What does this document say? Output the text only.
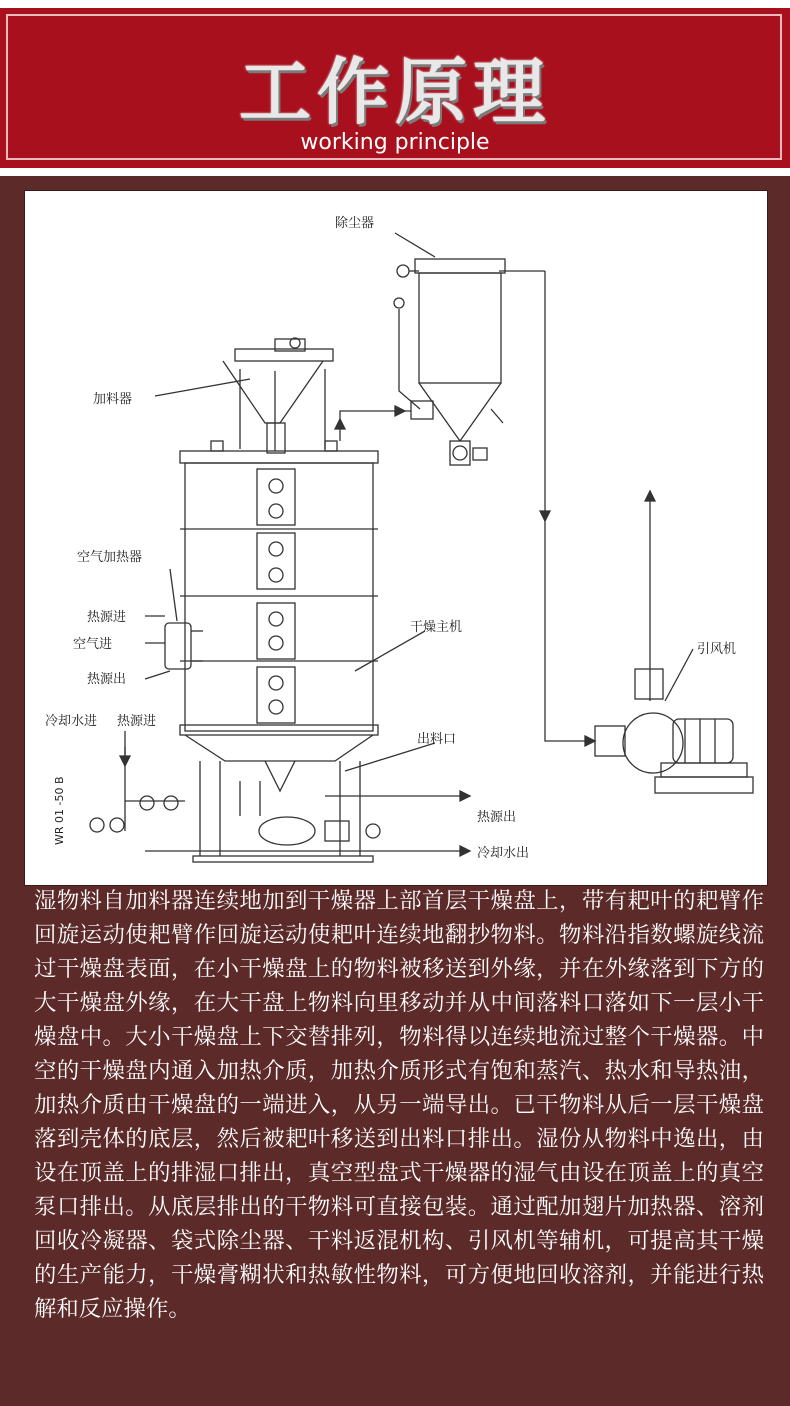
工作原理
working principle
除尘器
加料器
空气加热器
热源进
空气进
热源出
干燥主机
引风机
冷却水进 热源进
出料口
热源出
冷却水出
WR 01 -50 B
湿物料自加料器连续地加到干燥器上部首层干燥盘上，带有耙叶的耙臂作回旋运动使耙臂作回旋运动使耙叶连续地翻抄物料。物料沿指数螺旋线流过干燥盘表面，在小干燥盘上的物料被移送到外缘，并在外缘落到下方的大干燥盘外缘，在大干盘上物料向里移动并从中间落料口落如下一层小干燥盘中。大小干燥盘上下交替排列，物料得以连续地流过整个干燥器。中空的干燥盘内通入加热介质，加热介质形式有饱和蒸汽、热水和导热油，加热介质由干燥盘的一端进入，从另一端导出。已干物料从后一层干燥盘落到壳体的底层，然后被耙叶移送到出料口排出。湿份从物料中逸出，由设在顶盖上的排湿口排出，真空型盘式干燥器的湿气由设在顶盖上的真空泵口排出。从底层排出的干物料可直接包装。通过配加翅片加热器、溶剂回收冷凝器、袋式除尘器、干料返混机构、引风机等辅机，可提高其干燥的生产能力，干燥膏糊状和热敏性物料，可方便地回收溶剂，并能进行热解和反应操作。
